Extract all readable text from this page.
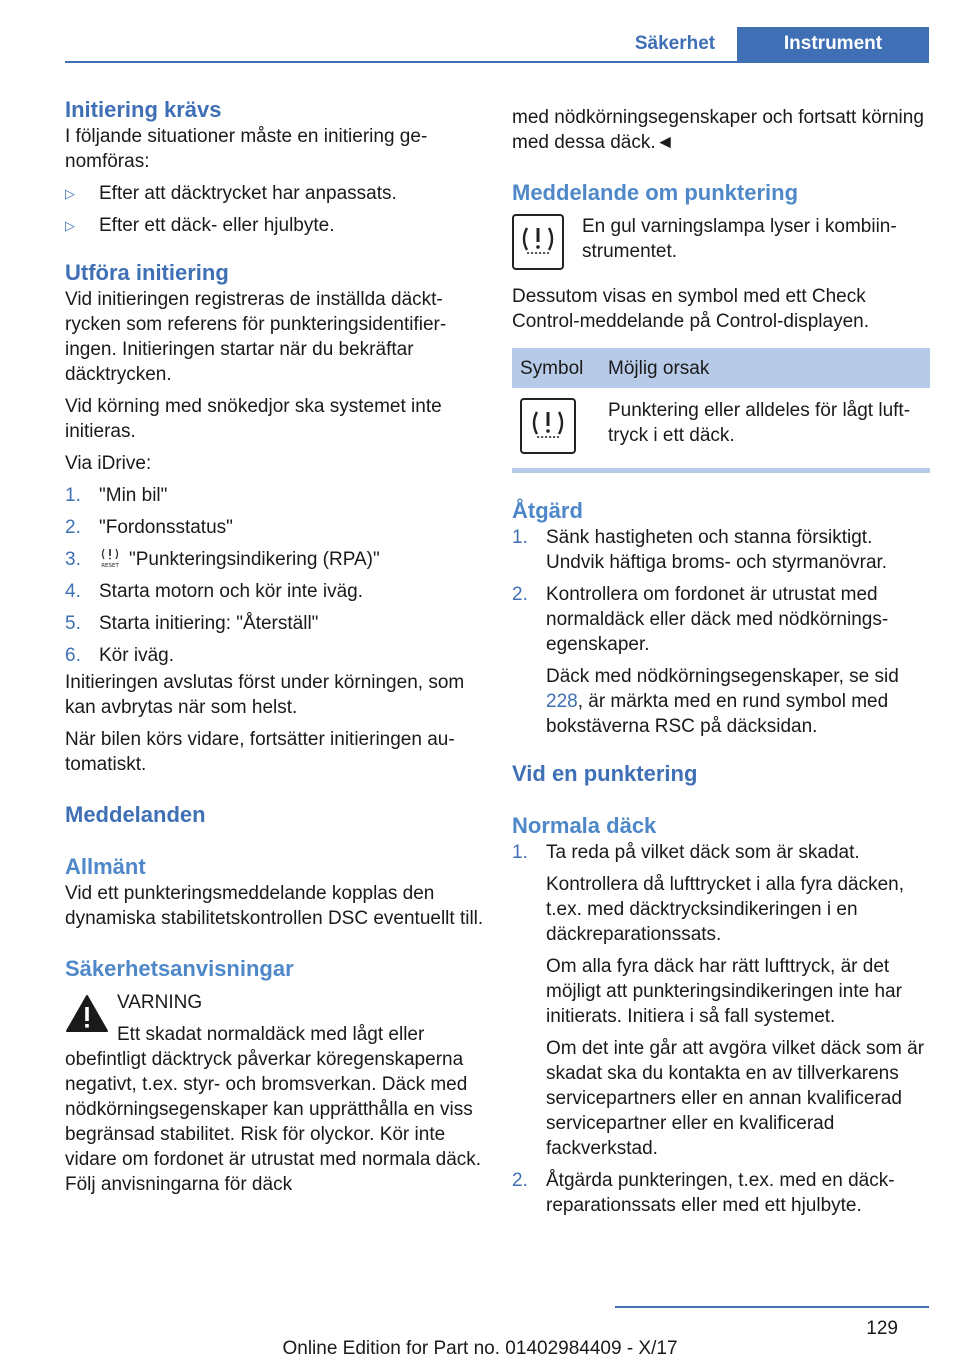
Säkerhet	Instrument
Initiering krävs

I följande situationer måste en initiering genomföras:

▷	Efter att däcktrycket har anpassats.
▷	Efter ett däck- eller hjulbyte.
Utföra initiering

Vid initieringen registreras de inställda däcktrycken som referens för punkteringsidentifieringen. Initieringen startar när du bekräftar däcktrycken.

Vid körning med snökedjor ska systemet inte initieras.

Via iDrive:

1. "Min bil"
2. "Fordonsstatus"
3.	RESET "Punkteringsindikering (RPA)"
4. Starta motorn och kör inte iväg.
5. Starta initiering: "Återställ"
6. Kör iväg.

Initieringen avslutas först under körningen, som kan avbrytas när som helst.

När bilen körs vidare, fortsätter initieringen automatiskt.

Meddelanden
Allmänt

Vid ett punkteringsmeddelande kopplas den dynamiska stabilitetskontrollen DSC eventuellt till.

Säkerhetsanvisningar
VARNING

Ett skadat normaldäck med lågt eller obefintligt däcktryck påverkar köregenskaperna negativt, t.ex. styr- och bromsverkan. Däck med nödkörningsegenskaper kan upprätthålla en viss begränsad stabilitet. Risk för olyckor. Kör inte vidare om fordonet är utrustat med normala däck. Följ anvisningarna för däck

med nödkörningsegenskaper och fortsatt körning med dessa däck.◄

Meddelande om punktering

En gul varningslampa lyser i kombiinstrumentet.

Dessutom visas en symbol med ett Check Control-meddelande på Control-displayen.

Symbol	Möjlig orsak

	Punktering eller alldeles för lågt lufttryck i ett däck.
Åtgärd
1. Sänk hastigheten och stanna försiktigt. Undvik häftiga broms- och styrmanövrar.
2. Kontrollera om fordonet är utrustat med normaldäck eller däck med nödkörningsegenskaper.
Däck med nödkörningsegenskaper, se sid 228, är märkta med en rund symbol med bokstäverna RSC på däcksidan.
Vid en punktering
Normala däck
1. Ta reda på vilket däck som är skadat.
Kontrollera då lufttrycket i alla fyra däcken, t.ex. med däcktrycksindikeringen i en däckreparationssats.
Om alla fyra däck har rätt lufttryck, är det möjligt att punkteringsindikeringen inte har initierats. Initiera i så fall systemet.
Om det inte går att avgöra vilket däck som är skadat ska du kontakta en av tillverkarens servicepartners eller en annan kvalificerad servicepartner eller en kvalificerad fackverkstad.
2. Åtgärda punkteringen, t.ex. med en däckreparationssats eller med ett hjulbyte.
129
Online Edition for Part no. 01402984409 - X/17
